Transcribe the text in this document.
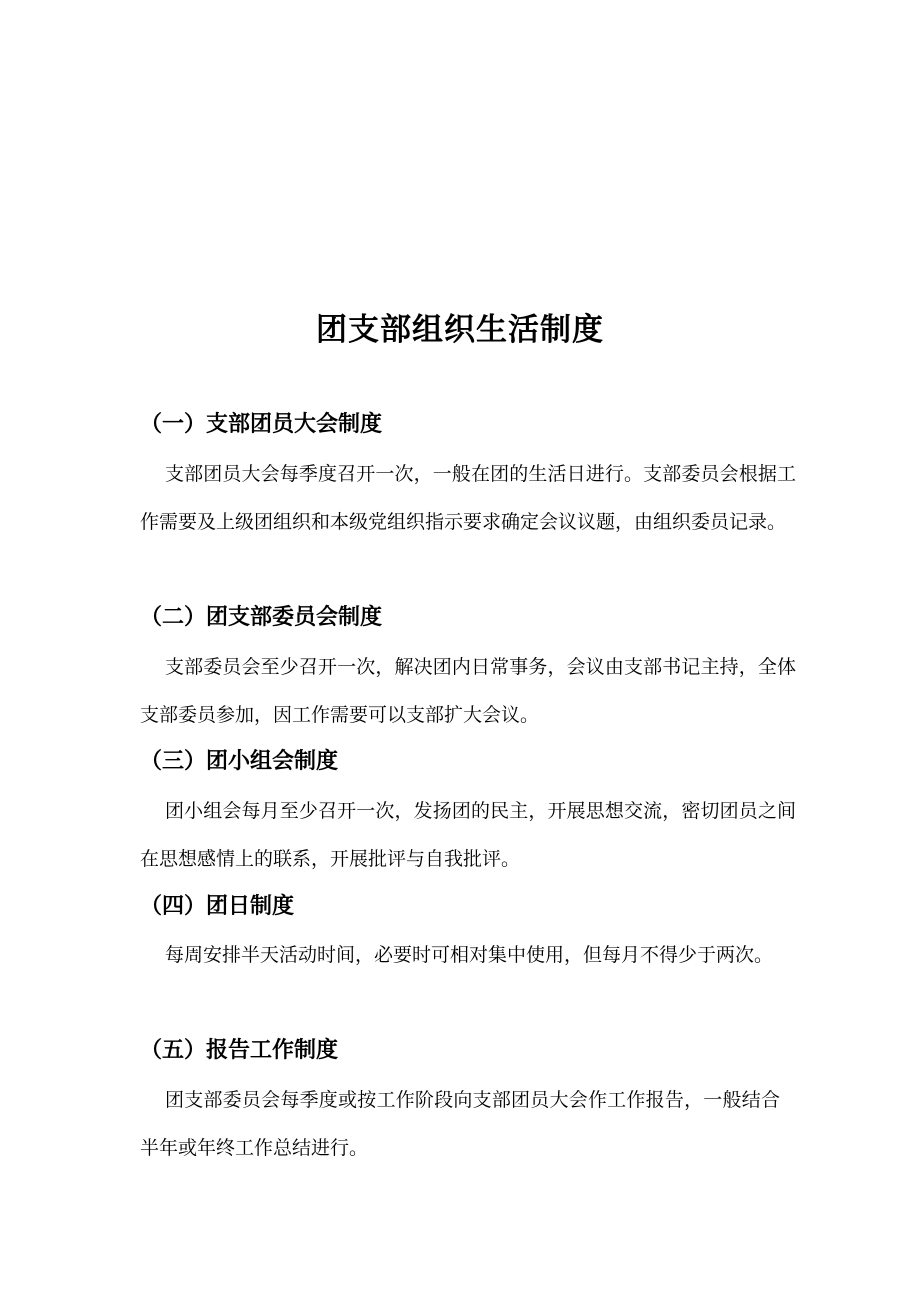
团支部组织生活制度
（一）支部团员大会制度

支部团员大会每季度召开一次，一般在团的生活日进行。支部委员会根据工作需要及上级团组织和本级党组织指示要求确定会议议题，由组织委员记录。

（二）团支部委员会制度

支部委员会至少召开一次，解决团内日常事务，会议由支部书记主持，全体支部委员参加，因工作需要可以支部扩大会议。

（三）团小组会制度

团小组会每月至少召开一次，发扬团的民主，开展思想交流，密切团员之间在思想感情上的联系，开展批评与自我批评。

（四）团日制度

每周安排半天活动时间，必要时可相对集中使用，但每月不得少于两次。

（五）报告工作制度

团支部委员会每季度或按工作阶段向支部团员大会作工作报告，一般结合半年或年终工作总结进行。
